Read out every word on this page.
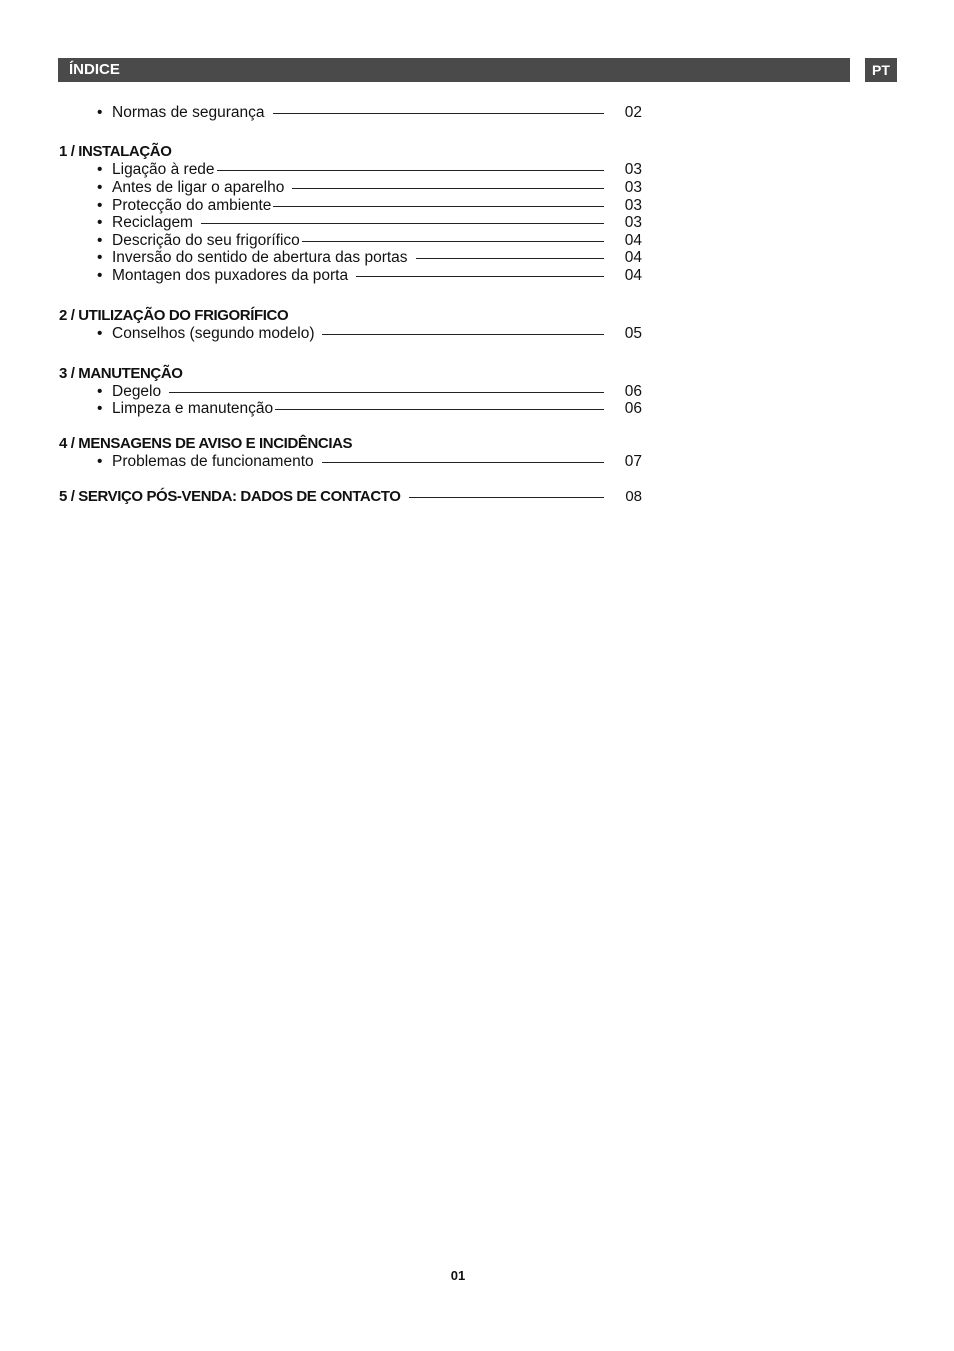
ÍNDICE	PT
• Normas de segurança	02
1 / INSTALAÇÃO
• Ligação à rede	03
• Antes de ligar o aparelho	03
• Protecção do ambiente	03
• Reciclagem	03
• Descrição do seu frigorífico	04
• Inversão do sentido de abertura das portas	04
• Montagen dos puxadores da porta	04
2 / UTILIZAÇÃO DO FRIGORÍFICO
• Conselhos (segundo modelo)	05
3 / MANUTENÇÃO
• Degelo	06
• Limpeza e manutenção	06
4 / MENSAGENS DE AVISO E INCIDÊNCIAS
• Problemas de funcionamento	07
5 / SERVIÇO PÓS-VENDA: DADOS DE CONTACTO	08
01
